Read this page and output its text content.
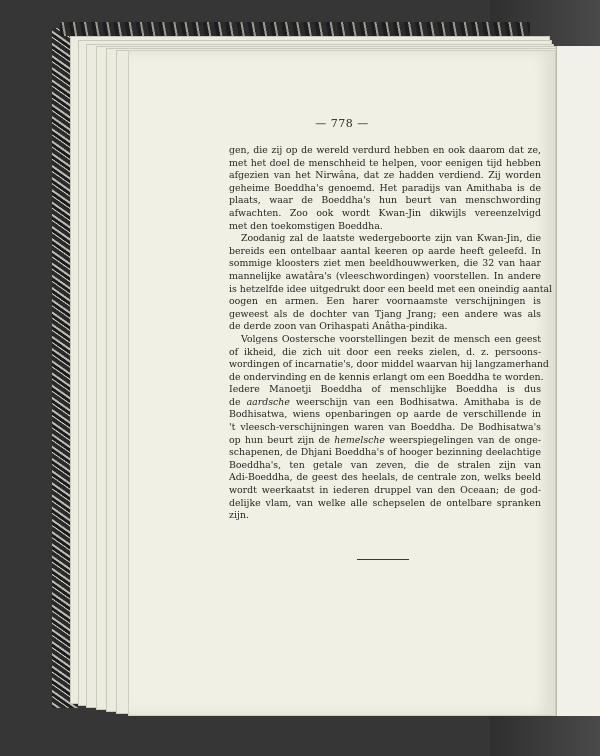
— 778 —
gen, die zij op de wereld verdurd hebben en ook daarom dat ze,
met het doel de menschheid te helpen, voor eenigen tijd hebben
afgezien van het Nirwâna, dat ze hadden verdiend. Zij worden
geheime Boeddha's genoemd. Het paradijs van Amithaba is de
plaats, waar de Boeddha's hun beurt van menschwording
afwachten. Zoo ook wordt Kwan-Jin dikwijls vereenzelvigd
met den toekomstigen Boeddha.
Zoodanig zal de laatste wedergeboorte zijn van Kwan-Jin, die
bereids een ontelbaar aantal keeren op aarde heeft geleefd. In
sommige kloosters ziet men beeldhouwwerken, die 32 van haar
mannelijke awatâra's (vleeschwordingen) voorstellen. In andere
is hetzelfde idee uitgedrukt door een beeld met een oneindig aantal
oogen en armen. Een harer voornaamste verschijningen is
geweest als de dochter van Tjang Jrang; een andere was als
de derde zoon van Orihaspati Anâtha-pindika.
Volgens Oostersche voorstellingen bezit de mensch een geest
of ikheid, die zich uit door een reeks zielen, d. z. persoons-
wordingen of incarnatie's, door middel waarvan hij langzamerhand
de ondervinding en de kennis erlangt om een Boeddha te worden.
Iedere Manoetji Boeddha of menschlijke Boeddha is dus
de aardsche weerschijn van een Bodhisatwa. Amithaba is de
Bodhisatwa, wiens openbaringen op aarde de verschillende in
't vleesch-verschijningen waren van Boeddha. De Bodhisatwa's
op hun beurt zijn de hemelsche weerspiegelingen van de onge-
schapenen, de Dhjani Boeddha's of hooger bezinning deelachtige
Boeddha's, ten getale van zeven, die de stralen zijn van
Adi-Boeddha, de geest des heelals, de centrale zon, welks beeld
wordt weerkaatst in iederen druppel van den Oceaan; de god-
delijke vlam, van welke alle schepselen de ontelbare spranken
zijn.
